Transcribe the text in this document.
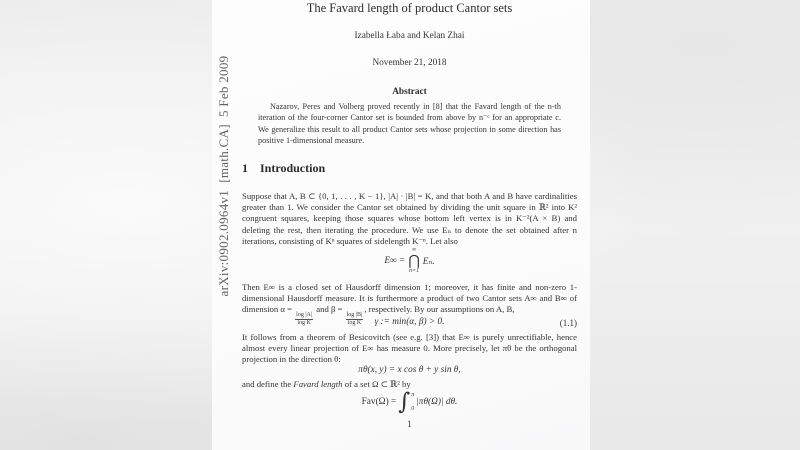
arXiv:0902.0964v1  [math.CA]  5 Feb 2009
The Favard length of product Cantor sets
Izabella Łaba and Kelan Zhai
November 21, 2018
Abstract
Nazarov, Peres and Volberg proved recently in [8] that the Favard length of the n-th iteration of the four-corner Cantor set is bounded from above by n⁻ᶜ for an appropriate c. We generalize this result to all product Cantor sets whose projection in some direction has positive 1-dimensional measure.
1 Introduction
Suppose that A, B ⊂ {0, 1, . . . , K − 1}, |A| · |B| = K, and that both A and B have cardinalities greater than 1. We consider the Cantor set obtained by dividing the unit square in ℝ² into K² congruent squares, keeping those squares whose bottom left vertex is in K⁻²(A × B) and deleting the rest, then iterating the procedure. We use Eₙ to denote the set obtained after n iterations, consisting of Kⁿ squares of sidelength K⁻ⁿ. Let also
E∞ =
∞
⋂
n=1
Eₙ.
Then E∞ is a closed set of Hausdorff dimension 1; moreover, it has finite and non-zero 1-dimensional Hausdorff measure. It is furthermore a product of two Cantor sets A∞ and B∞ of dimension α =
$\frac{\log |A|}{\text{log K}}$
and β =
$\frac{\log |B|}{\text{log K}}$
, respectively. By our assumptions on A, B,
γ := min(α, β) > 0.	(1.1)
It follows from a theorem of Besicovitch (see e.g. [3]) that E∞ is purely unrectifiable, hence almost every linear projection of E∞ has measure 0. More precisely, let πθ be the orthogonal projection in the direction θ:
πθ(x, y) = x cos θ + y sin θ,
and define the Favard length of a set Ω ⊂ ℝ² by
Fav(Ω) = ∫ π
0
|πθ(Ω)| dθ.
1
